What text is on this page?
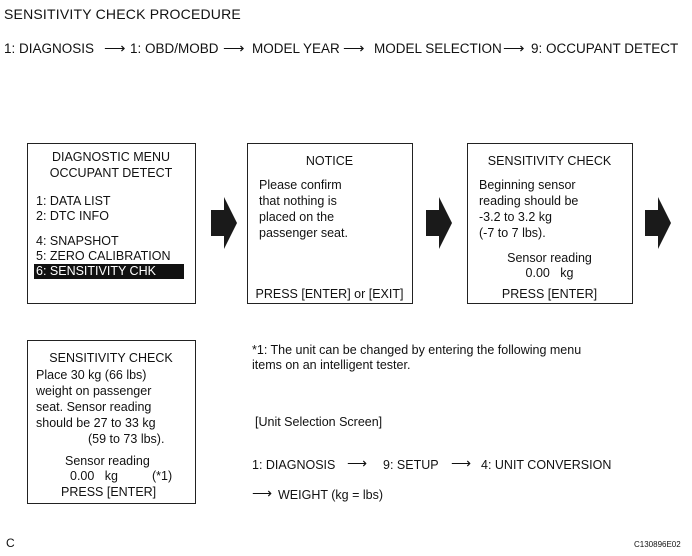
SENSITIVITY CHECK PROCEDURE
1: DIAGNOSIS ⟶ 1: OBD/MOBD ⟶ MODEL YEAR ⟶ MODEL SELECTION ⟶ 9: OCCUPANT DETECT
DIAGNOSTIC MENU
OCCUPANT DETECT
1: DATA LIST
2: DTC INFO
4: SNAPSHOT
5: ZERO CALIBRATION
6: SENSITIVITY CHK
NOTICE
Please confirm
that nothing is
placed on the
passenger seat.
PRESS [ENTER] or [EXIT]
SENSITIVITY CHECK
Beginning sensor
reading should be
-3.2 to 3.2 kg
(-7 to 7 lbs).
Sensor reading
0.00   kg
PRESS [ENTER]
SENSITIVITY CHECK
Place 30 kg (66 lbs)
weight on passenger
seat. Sensor reading
should be 27 to 33 kg
(59 to 73 lbs).
Sensor reading
0.00   kg	(*1)
PRESS [ENTER]
*1: The unit can be changed by entering the following menu
items on an intelligent tester.
[Unit Selection Screen]
1: DIAGNOSIS ⟶ 9: SETUP ⟶ 4: UNIT CONVERSION
⟶ WEIGHT (kg = lbs)
C	C130896E02
